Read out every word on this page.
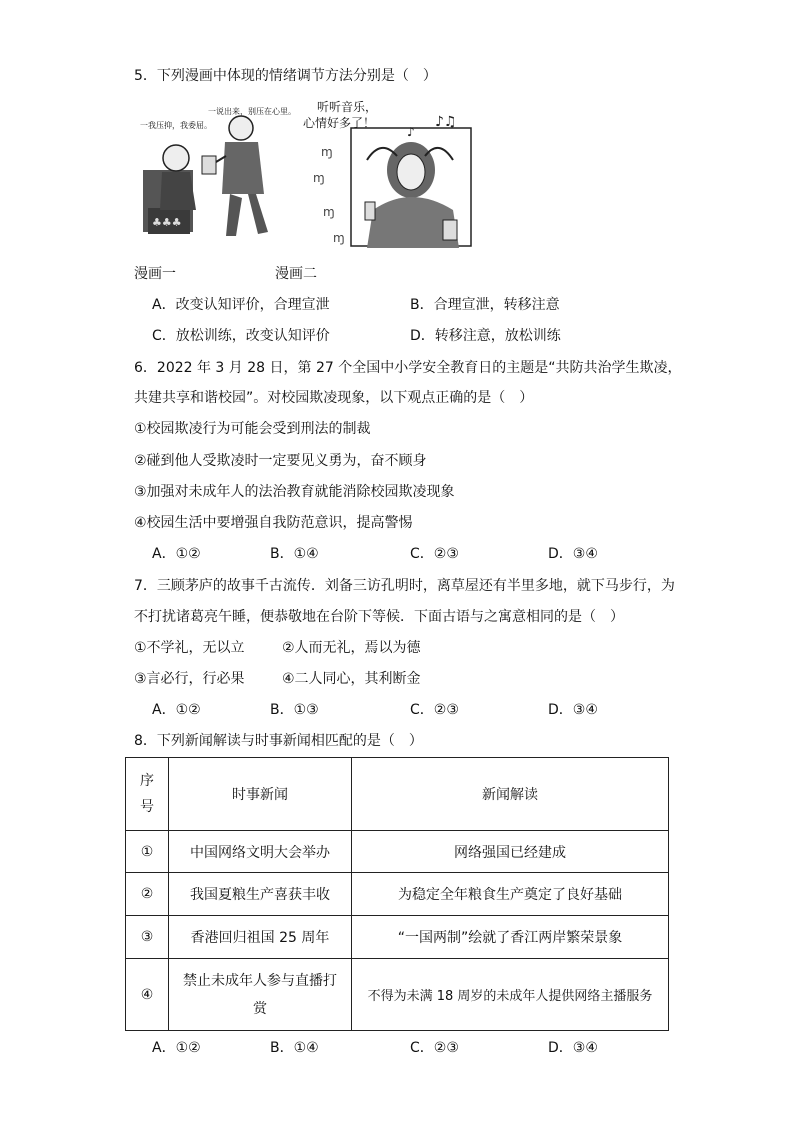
5．下列漫画中体现的情绪调节方法分别是（　）
♣♣♣
一我压抑，我委屈。
一说出来，别压在心里。
♪♫
♪
ɱ
ɱ
ɱ
ɱ
听听音乐，
心情好多了！
漫画一	漫画二
A．改变认知评价，合理宣泄	B．合理宣泄，转移注意
C．放松训练，改变认知评价	D．转移注意，放松训练
6．2022 年 3 月 28 日，第 27 个全国中小学安全教育日的主题是“共防共治学生欺凌，
共建共享和谐校园”。对校园欺凌现象，以下观点正确的是（　）
①校园欺凌行为可能会受到刑法的制裁
②碰到他人受欺凌时一定要见义勇为，奋不顾身
③加强对未成年人的法治教育就能消除校园欺凌现象
④校园生活中要增强自我防范意识，提高警惕
A．①②	B．①④	C．②③	D．③④
7．三顾茅庐的故事千古流传．刘备三访孔明时，离草屋还有半里多地，就下马步行，为
不打扰诸葛亮午睡，便恭敬地在台阶下等候．下面古语与之寓意相同的是（　）
①不学礼，无以立	②人而无礼，焉以为德
③言必行，行必果	④二人同心，其利断金
A．①②	B．①③	C．②③	D．③④
8．下列新闻解读与时事新闻相匹配的是（　）
序
号	时事新闻	新闻解读
①	中国网络文明大会举办	网络强国已经建成
②	我国夏粮生产喜获丰收	为稳定全年粮食生产奠定了良好基础
③	香港回归祖国 25 周年	“一国两制”绘就了香江两岸繁荣景象
④	禁止未成年人参与直播打
赏	不得为未满 18 周岁的未成年人提供网络主播服务
A．①②	B．①④	C．②③	D．③④
